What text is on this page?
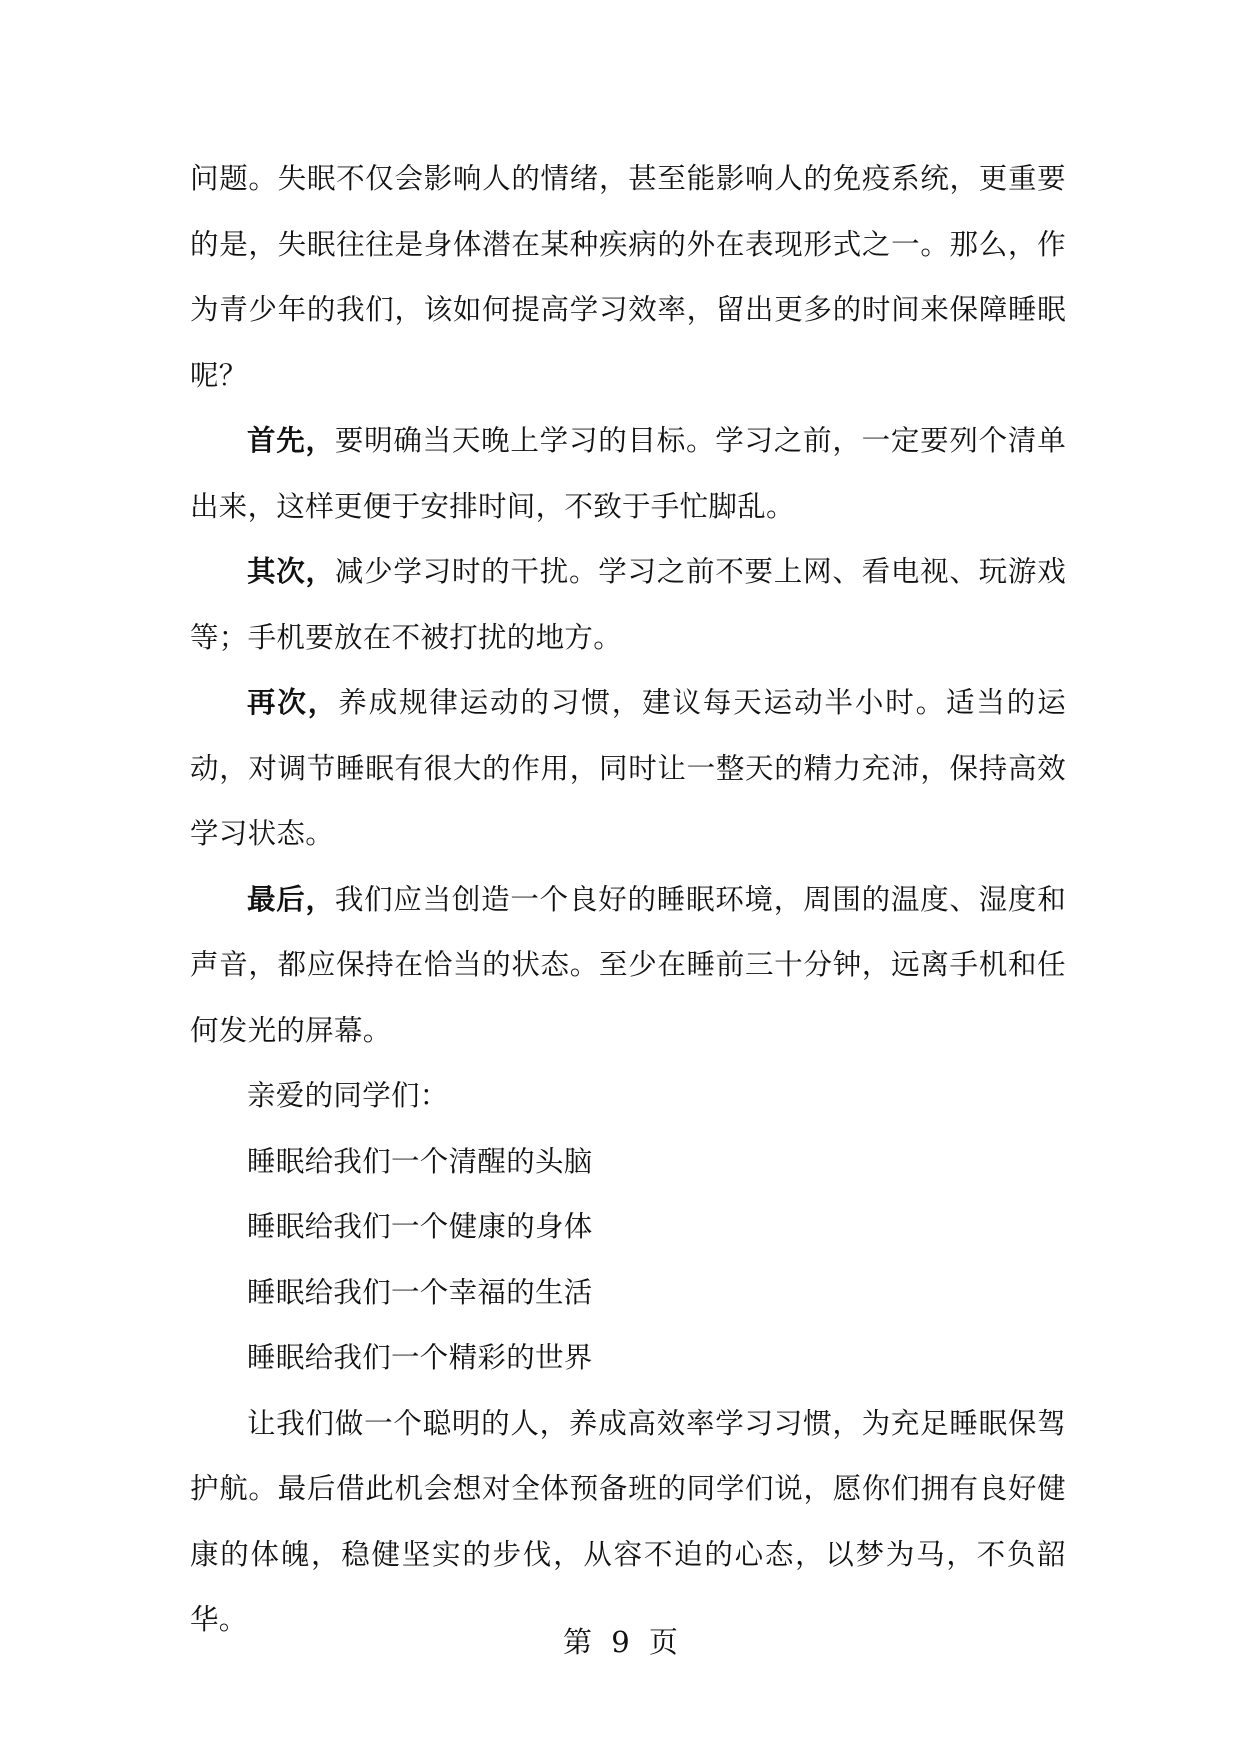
问题。失眠不仅会影响人的情绪，甚至能影响人的免疫系统，更重要的是，失眠往往是身体潜在某种疾病的外在表现形式之一。那么，作为青少年的我们，该如何提高学习效率，留出更多的时间来保障睡眠呢？

首先，要明确当天晚上学习的目标。学习之前，一定要列个清单出来，这样更便于安排时间，不致于手忙脚乱。

其次，减少学习时的干扰。学习之前不要上网、看电视、玩游戏等；手机要放在不被打扰的地方。

再次，养成规律运动的习惯，建议每天运动半小时。适当的运动，对调节睡眠有很大的作用，同时让一整天的精力充沛，保持高效学习状态。

最后，我们应当创造一个良好的睡眠环境，周围的温度、湿度和声音，都应保持在恰当的状态。至少在睡前三十分钟，远离手机和任何发光的屏幕。

亲爱的同学们：

睡眠给我们一个清醒的头脑

睡眠给我们一个健康的身体

睡眠给我们一个幸福的生活

睡眠给我们一个精彩的世界

让我们做一个聪明的人，养成高效率学习习惯，为充足睡眠保驾护航。最后借此机会想对全体预备班的同学们说，愿你们拥有良好健康的体魄，稳健坚实的步伐，从容不迫的心态，以梦为马，不负韶华。

第 9 页
